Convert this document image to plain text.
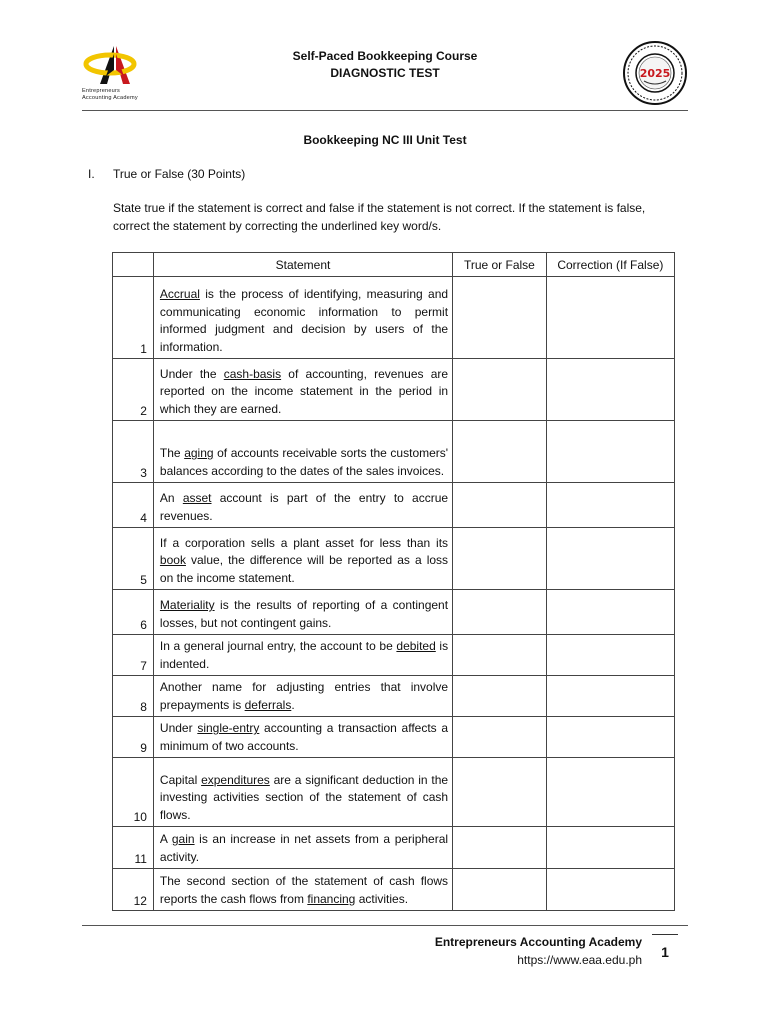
Entrepreneurs
Accounting Academy
Self-Paced Bookkeeping Course
DIAGNOSTIC TEST	2025
Bookkeeping NC III Unit Test
I. True or False (30 Points)
State true if the statement is correct and false if the statement is not correct. If the statement is false, correct the statement by correcting the underlined key word/s.
	Statement	True or False	Correction (If False)
1	Accrual is the process of identifying, measuring and communicating economic information to permit informed judgment and decision by users of the information.		
2	Under the cash-basis of accounting, revenues are reported on the income statement in the period in which they are earned.		
3	The aging of accounts receivable sorts the customers' balances according to the dates of the sales invoices.		
4	An asset account is part of the entry to accrue revenues.		
5	If a corporation sells a plant asset for less than its book value, the difference will be reported as a loss on the income statement.		
6	Materiality is the results of reporting of a contingent losses, but not contingent gains.		
7	In a general journal entry, the account to be debited is indented.		
8	Another name for adjusting entries that involve prepayments is deferrals.		
9	Under single-entry accounting a transaction affects a minimum of two accounts.		
10	Capital expenditures are a significant deduction in the investing activities section of the statement of cash flows.		
11	A gain is an increase in net assets from a peripheral activity.		
12	The second section of the statement of cash flows reports the cash flows from financing activities.		
Entrepreneurs Accounting Academy
https://www.eaa.edu.ph	1
